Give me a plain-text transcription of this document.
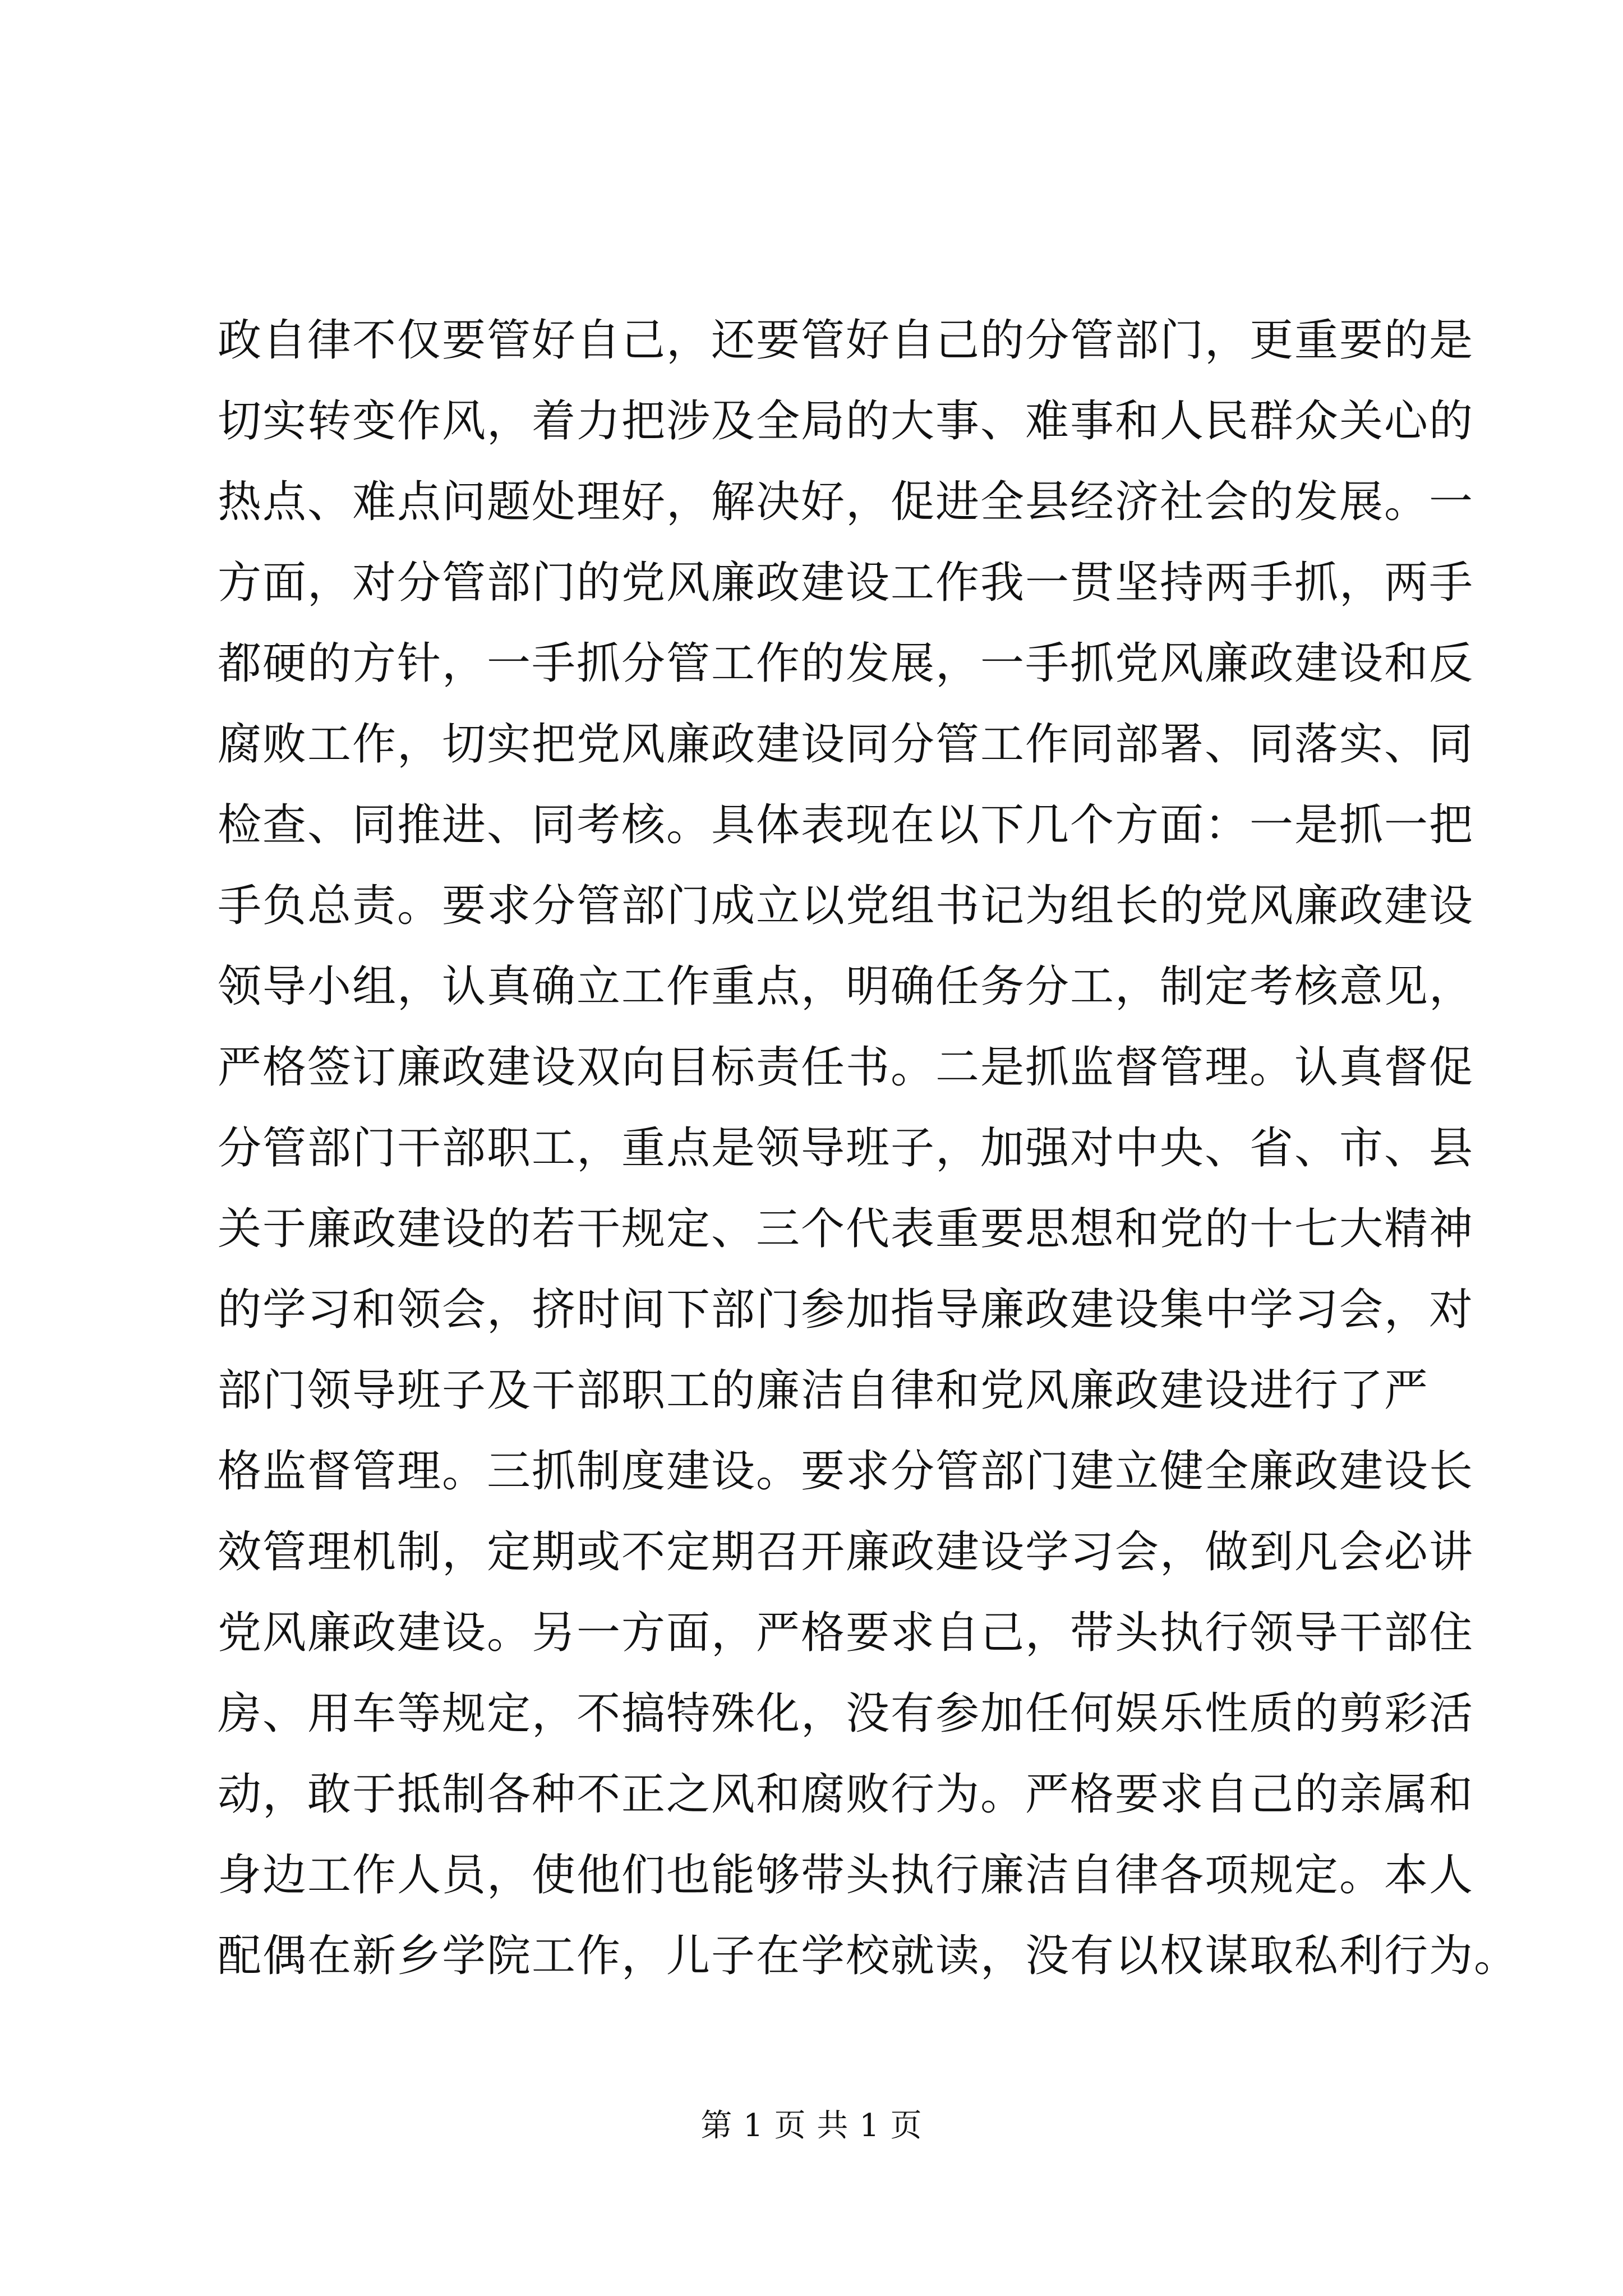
政自律不仅要管好自己，还要管好自己的分管部门，更重要的是
切实转变作风，着力把涉及全局的大事、难事和人民群众关心的
热点、难点问题处理好，解决好，促进全县经济社会的发展。一
方面，对分管部门的党风廉政建设工作我一贯坚持两手抓，两手
都硬的方针，一手抓分管工作的发展，一手抓党风廉政建设和反
腐败工作，切实把党风廉政建设同分管工作同部署、同落实、同
检查、同推进、同考核。具体表现在以下几个方面：一是抓一把
手负总责。要求分管部门成立以党组书记为组长的党风廉政建设
领导小组，认真确立工作重点，明确任务分工，制定考核意见，
严格签订廉政建设双向目标责任书。二是抓监督管理。认真督促
分管部门干部职工，重点是领导班子，加强对中央、省、市、县
关于廉政建设的若干规定、三个代表重要思想和党的十七大精神
的学习和领会，挤时间下部门参加指导廉政建设集中学习会，对
部门领导班子及干部职工的廉洁自律和党风廉政建设进行了严
格监督管理。三抓制度建设。要求分管部门建立健全廉政建设长
效管理机制，定期或不定期召开廉政建设学习会，做到凡会必讲
党风廉政建设。另一方面，严格要求自己，带头执行领导干部住
房、用车等规定，不搞特殊化，没有参加任何娱乐性质的剪彩活
动，敢于抵制各种不正之风和腐败行为。严格要求自己的亲属和
身边工作人员，使他们也能够带头执行廉洁自律各项规定。本人
配偶在新乡学院工作，儿子在学校就读，没有以权谋取私利行为。
第 1 页 共 1 页
